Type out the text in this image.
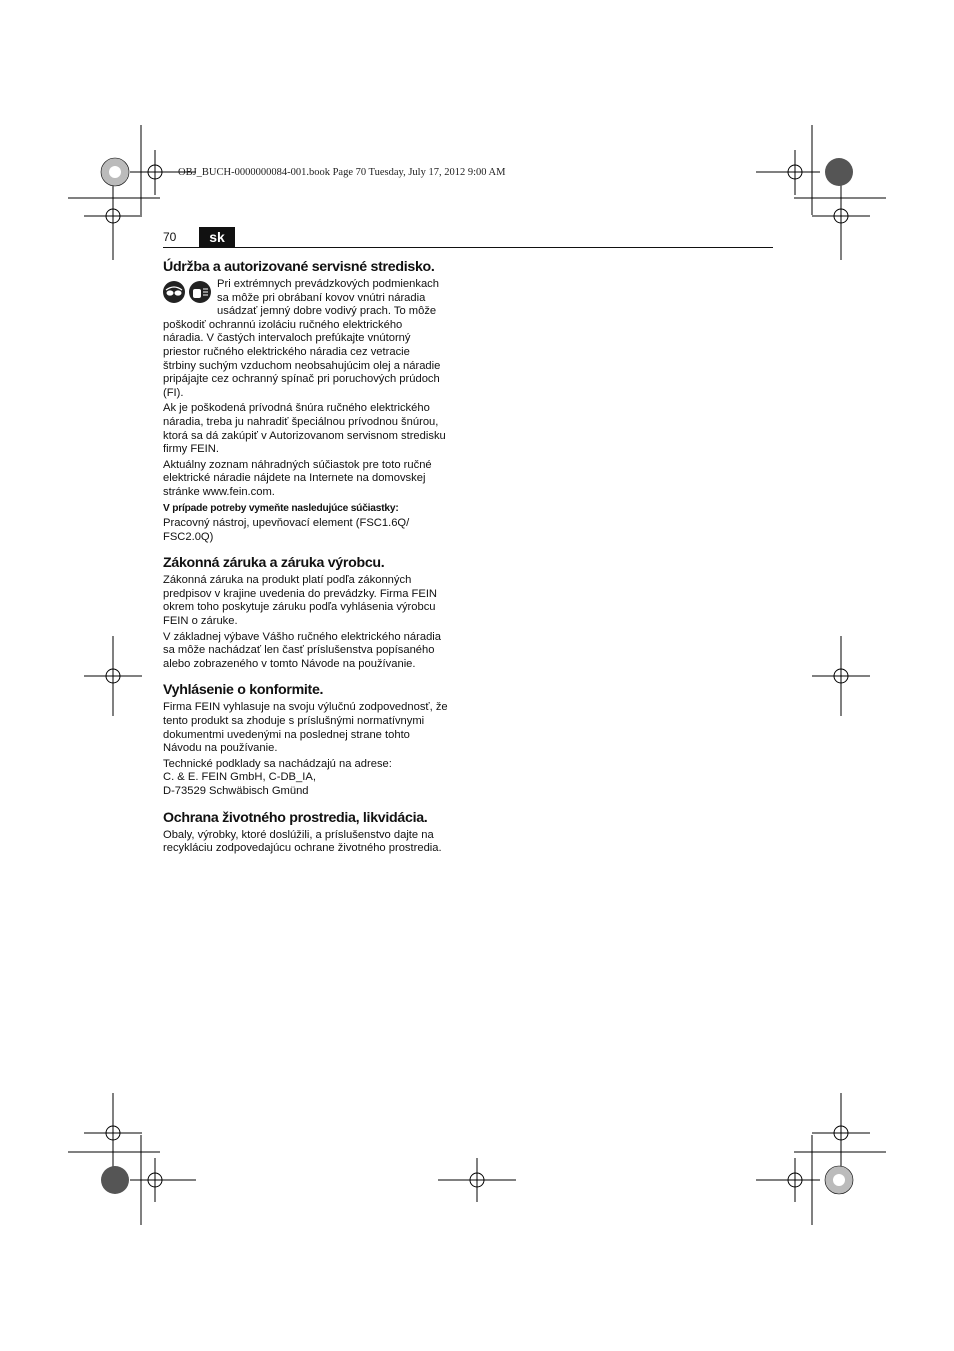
OBJ_BUCH-0000000084-001.book Page 70 Tuesday, July 17, 2012 9:00 AM
70	sk
Údržba a autorizované servisné stredisko.

Pri extrémnych prevádzkových podmienkach
sa môže pri obrábaní kovov vnútri náradia
usádzať jemný dobre vodivý prach. To môže
poškodiť ochrannú izoláciu ručného elektrického
náradia. V častých intervaloch prefúkajte vnútorný
priestor ručného elektrického náradia cez vetracie
štrbiny suchým vzduchom neobsahujúcim olej a náradie
pripájajte cez ochranný spínač pri poruchových prúdoch
(FI).

Ak je poškodená prívodná šnúra ručného elektrického
náradia, treba ju nahradiť špeciálnou prívodnou šnúrou,
ktorá sa dá zakúpiť v Autorizovanom servisnom stredisku
firmy FEIN.

Aktuálny zoznam náhradných súčiastok pre toto ručné
elektrické náradie nájdete na Internete na domovskej
stránke www.fein.com.

V prípade potreby vymeňte nasledujúce súčiastky:

Pracovný nástroj, upevňovací element (FSC1.6Q/
FSC2.0Q)

Zákonná záruka a záruka výrobcu.

Zákonná záruka na produkt platí podľa zákonných
predpisov v krajine uvedenia do prevádzky. Firma FEIN
okrem toho poskytuje záruku podľa vyhlásenia výrobcu
FEIN o záruke.

V základnej výbave Vášho ručného elektrického náradia
sa môže nachádzať len časť príslušenstva popísaného
alebo zobrazeného v tomto Návode na používanie.

Vyhlásenie o konformite.

Firma FEIN vyhlasuje na svoju výlučnú zodpovednosť, že
tento produkt sa zhoduje s príslušnými normatívnymi
dokumentmi uvedenými na poslednej strane tohto
Návodu na používanie.

Technické podklady sa nachádzajú na adrese:
C. & E. FEIN GmbH, C-DB_IA,
D-73529 Schwäbisch Gmünd

Ochrana životného prostredia, likvidácia.

Obaly, výrobky, ktoré doslúžili, a príslušenstvo dajte na
recykláciu zodpovedajúcu ochrane životného prostredia.
